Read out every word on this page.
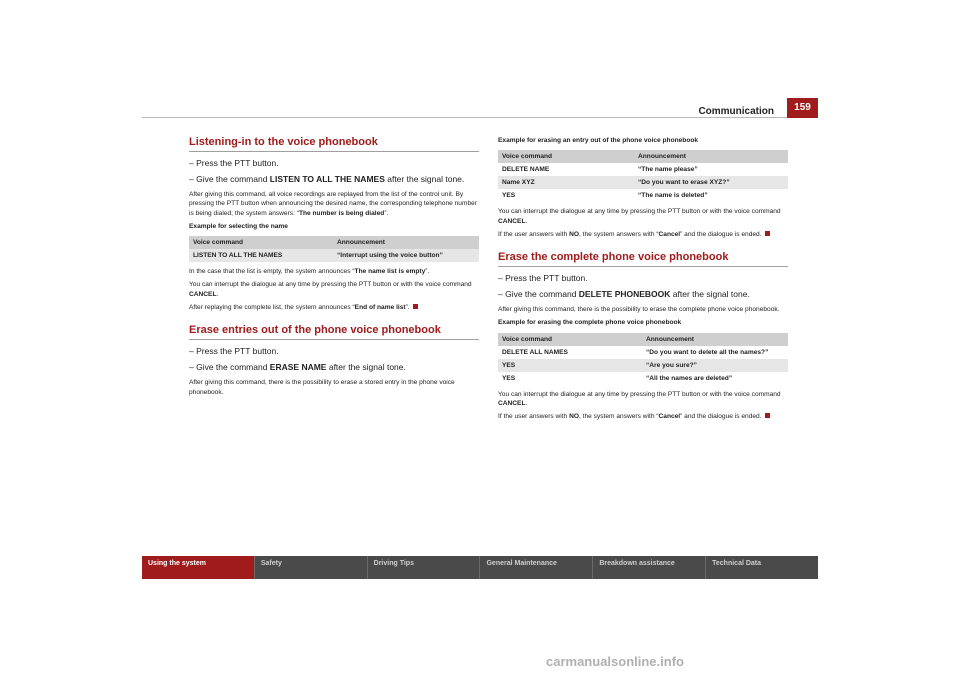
Communication	159
Listening-in to the voice phonebook
– Press the PTT button.
– Give the command LISTEN TO ALL THE NAMES after the signal tone.

After giving this command, all voice recordings are replayed from the list of the control unit. By pressing the PTT button when announcing the desired name, the corresponding telephone number is being dialed; the system answers: “The number is being dialed”.

Example for selecting the name

Voice command	Announcement
LISTEN TO ALL THE NAMES	“Interrupt using the voice button”

In the case that the list is empty, the system announces “The name list is empty”.

You can interrupt the dialogue at any time by pressing the PTT button or with the voice command CANCEL.

After replaying the complete list, the system announces “End of name list”.

Erase entries out of the phone voice phonebook
– Press the PTT button.
– Give the command ERASE NAME after the signal tone.

After giving this command, there is the possibility to erase a stored entry in the phone voice phonebook.

Example for erasing an entry out of the phone voice phonebook

Voice command	Announcement
DELETE NAME	“The name please”
Name XYZ	“Do you want to erase XYZ?”
YES	“The name is deleted”

You can interrupt the dialogue at any time by pressing the PTT button or with the voice command CANCEL.

If the user answers with NO, the system answers with “Cancel” and the dialogue is ended.

Erase the complete phone voice phonebook
– Press the PTT button.
– Give the command DELETE PHONEBOOK after the signal tone.

After giving this command, there is the possibility to erase the complete phone voice phonebook.

Example for erasing the complete phone voice phonebook

Voice command	Announcement
DELETE ALL NAMES	“Do you want to delete all the names?”
YES	“Are you sure?”
YES	“All the names are deleted”

You can interrupt the dialogue at any time by pressing the PTT button or with the voice command CANCEL.

If the user answers with NO, the system answers with “Cancel” and the dialogue is ended.

Using the system	Safety	Driving Tips	General Maintenance	Breakdown assistance	Technical Data
carmanualsonline.info
